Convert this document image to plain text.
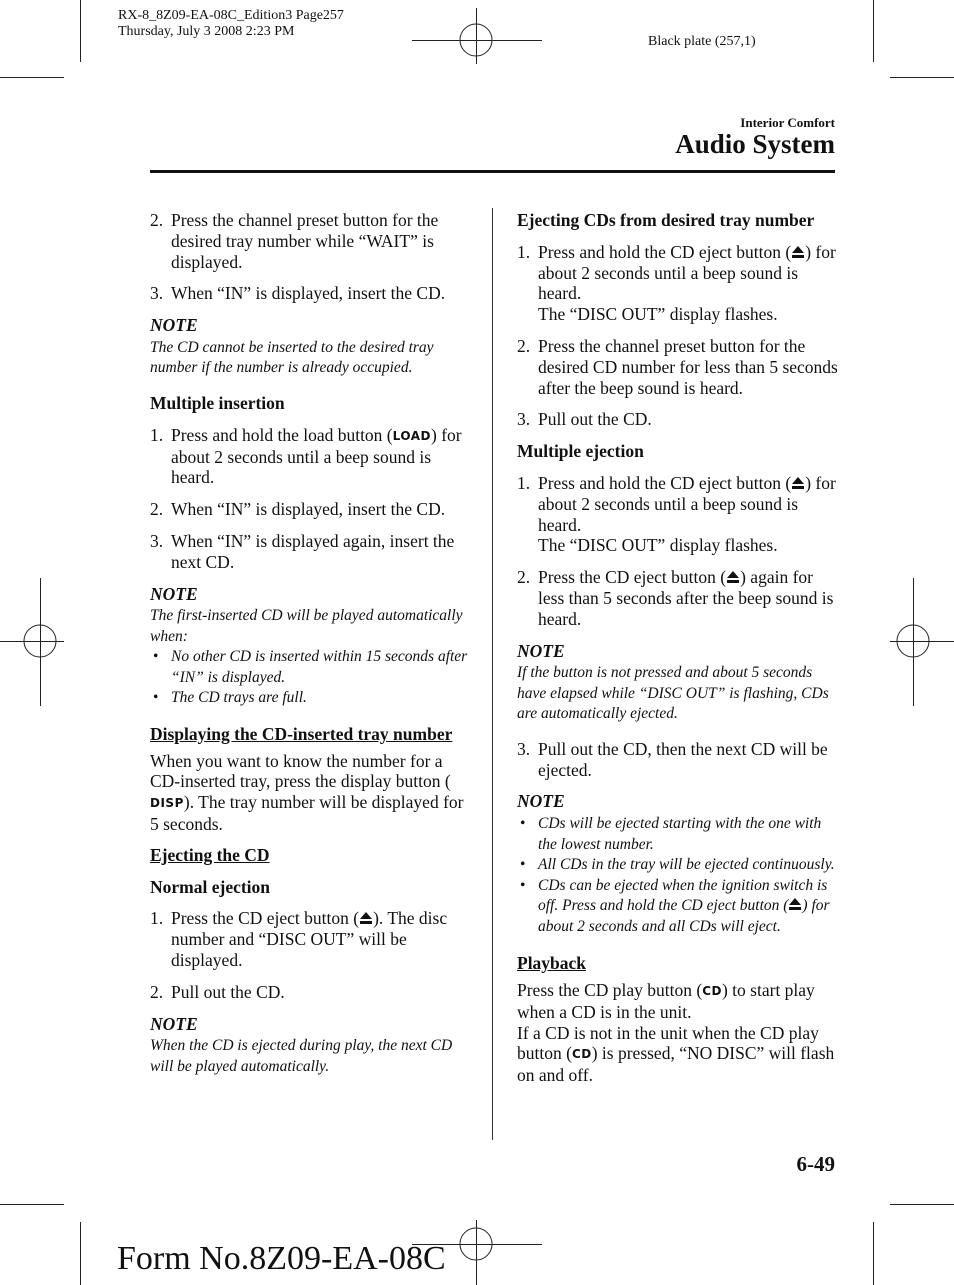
RX-8_8Z09-EA-08C_Edition3 Page257
Thursday, July 3 2008 2:23 PM
Black plate (257,1)
Interior Comfort
Audio System
2. Press the channel preset button for the desired tray number while “WAIT” is displayed.
3. When “IN” is displayed, insert the CD.
NOTE
The CD cannot be inserted to the desired tray number if the number is already occupied.
Multiple insertion
1. Press and hold the load button (LOAD) for about 2 seconds until a beep sound is heard.
2. When “IN” is displayed, insert the CD.
3. When “IN” is displayed again, insert the next CD.
NOTE
The first-inserted CD will be played automatically when:
• No other CD is inserted within 15 seconds after “IN” is displayed.
• The CD trays are full.
Displaying the CD-inserted tray number

When you want to know the number for a CD-inserted tray, press the display button (DISP). The tray number will be displayed for 5 seconds.

Ejecting the CD
Normal ejection
1. Press the CD eject button ( ). The disc number and “DISC OUT” will be displayed.
2. Pull out the CD.
NOTE
When the CD is ejected during play, the next CD will be played automatically.
Ejecting CDs from desired tray number
1. Press and hold the CD eject button ( ) for about 2 seconds until a beep sound is heard.
The “DISC OUT” display flashes.
2. Press the channel preset button for the desired CD number for less than 5 seconds after the beep sound is heard.
3. Pull out the CD.
Multiple ejection
1. Press and hold the CD eject button ( ) for about 2 seconds until a beep sound is heard.
The “DISC OUT” display flashes.
2. Press the CD eject button ( ) again for less than 5 seconds after the beep sound is heard.
NOTE
If the button is not pressed and about 5 seconds have elapsed while “DISC OUT” is flashing, CDs are automatically ejected.
3. Pull out the CD, then the next CD will be ejected.
NOTE
• CDs will be ejected starting with the one with the lowest number.
• All CDs in the tray will be ejected continuously.
• CDs can be ejected when the ignition switch is off. Press and hold the CD eject button ( ) for about 2 seconds and all CDs will eject.
Playback

Press the CD play button (CD) to start play when a CD is in the unit.

If a CD is not in the unit when the CD play button (CD) is pressed, “NO DISC” will flash on and off.

6-49
Form No.8Z09-EA-08C
